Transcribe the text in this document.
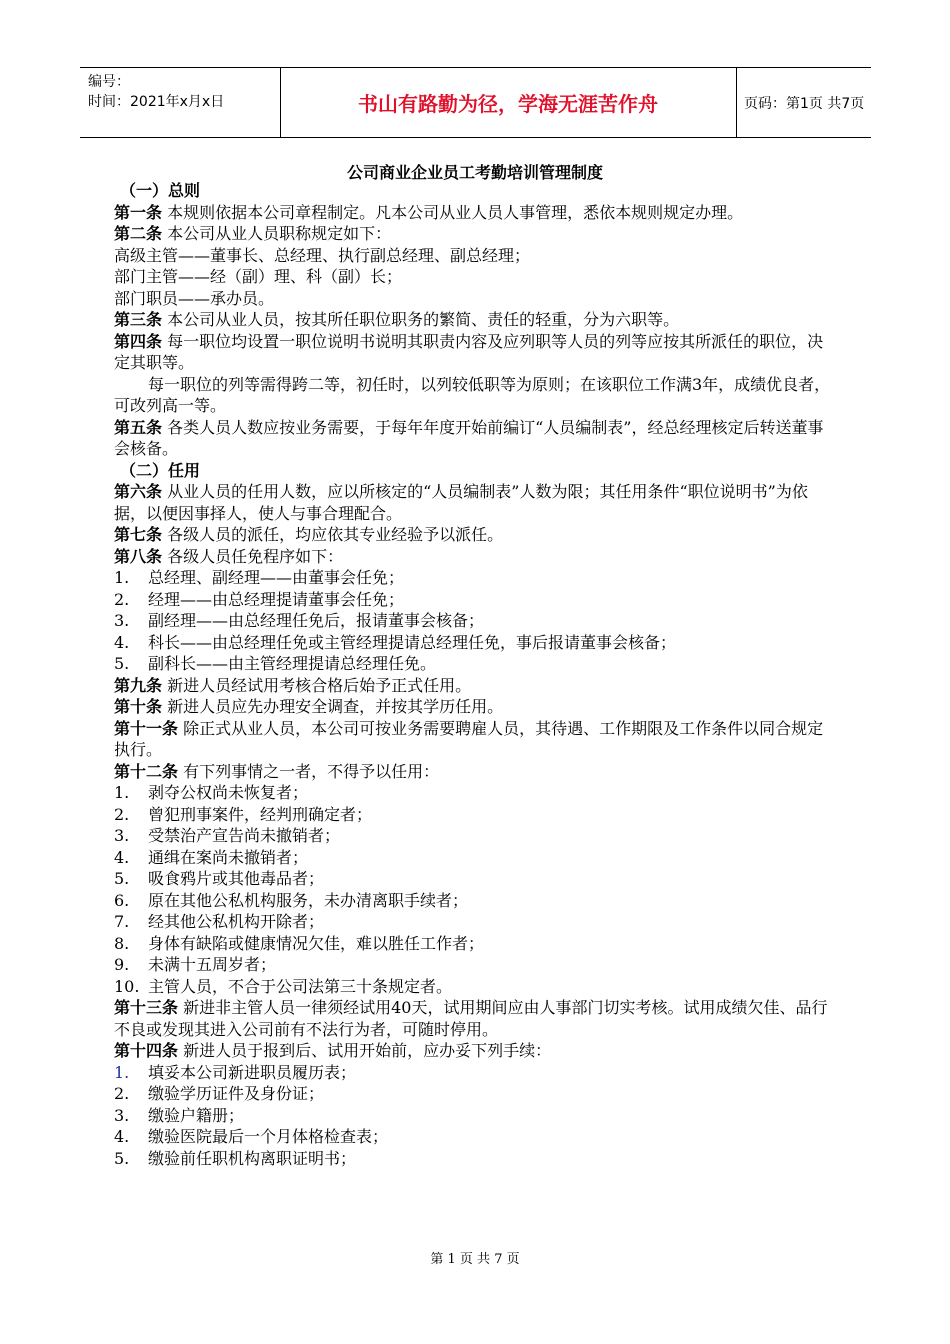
编号：
时间：2021年x月x日	书山有路勤为径，学海无涯苦作舟	页码：第1页 共7页
公司商业企业员工考勤培训管理制度

（一）总则

第一条 本规则依据本公司章程制定。凡本公司从业人员人事管理，悉依本规则规定办理。

第二条 本公司从业人员职称规定如下：

高级主管——董事长、总经理、执行副总经理、副总经理；

部门主管——经（副）理、科（副）长；

部门职员——承办员。

第三条 本公司从业人员，按其所任职位职务的繁简、责任的轻重，分为六职等。

第四条 每一职位均设置一职位说明书说明其职责内容及应列职等人员的列等应按其所派任的职位，决定其职等。

每一职位的列等需得跨二等，初任时，以列较低职等为原则；在该职位工作满3年，成绩优良者，可改列高一等。

第五条 各类人员人数应按业务需要，于每年年度开始前编订“人员编制表”，经总经理核定后转送董事会核备。

（二）任用

第六条 从业人员的任用人数，应以所核定的“人员编制表”人数为限；其任用条件“职位说明书”为依据，以便因事择人，使人与事合理配合。

第七条 各级人员的派任，均应依其专业经验予以派任。

第八条 各级人员任免程序如下：

1.	总经理、副经理——由董事会任免；
2.	经理——由总经理提请董事会任免；
3.	副经理——由总经理任免后，报请董事会核备；
4.	科长——由总经理任免或主管经理提请总经理任免，事后报请董事会核备；
5.	副科长——由主管经理提请总经理任免。

第九条 新进人员经试用考核合格后始予正式任用。

第十条 新进人员应先办理安全调查，并按其学历任用。

第十一条 除正式从业人员，本公司可按业务需要聘雇人员，其待遇、工作期限及工作条件以同合规定执行。

第十二条 有下列事情之一者，不得予以任用：

1.	剥夺公权尚未恢复者；
2.	曾犯刑事案件，经判刑确定者；
3.	受禁治产宣告尚未撤销者；
4.	通缉在案尚未撤销者；
5.	吸食鸦片或其他毒品者；
6.	原在其他公私机构服务，未办清离职手续者；
7.	经其他公私机构开除者；
8.	身体有缺陷或健康情况欠佳，难以胜任工作者；
9.	未满十五周岁者；
10. 主管人员，不合于公司法第三十条规定者。

第十三条 新进非主管人员一律须经试用40天，试用期间应由人事部门切实考核。试用成绩欠佳、品行不良或发现其进入公司前有不法行为者，可随时停用。

第十四条 新进人员于报到后、试用开始前，应办妥下列手续：

1.	填妥本公司新进职员履历表；
2.	缴验学历证件及身份证；
3.	缴验户籍册；
4.	缴验医院最后一个月体格检查表；
5.	缴验前任职机构离职证明书；
第 1 页 共 7 页
